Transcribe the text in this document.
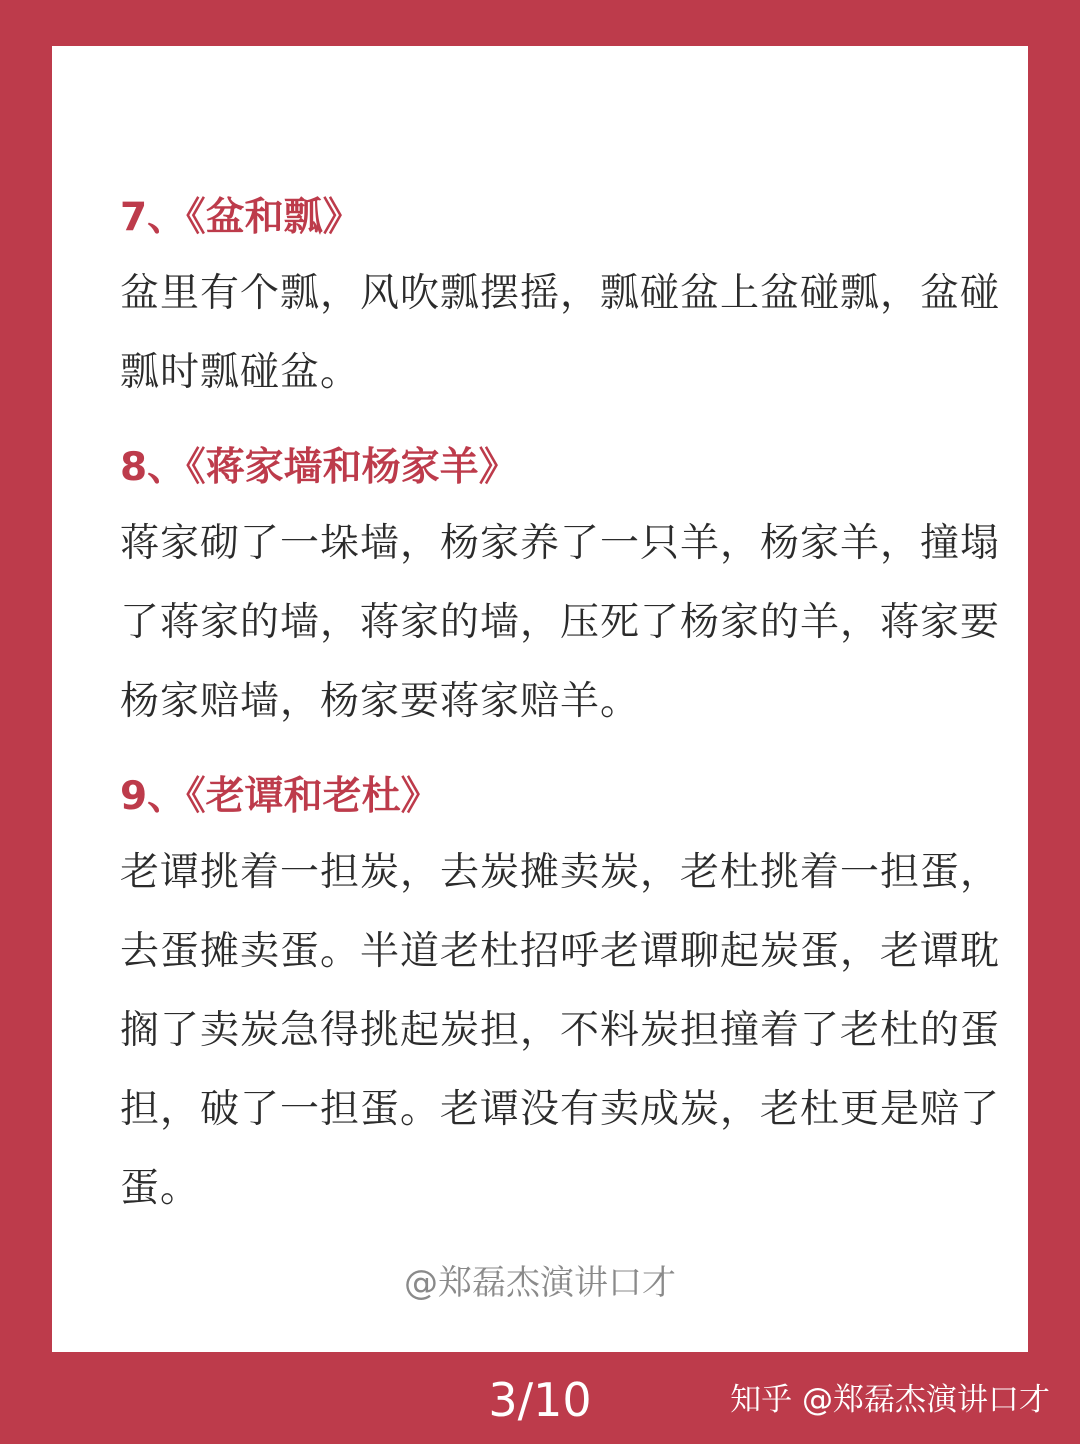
7、《盆和瓢》

盆里有个瓢，风吹瓢摆摇，瓢碰盆上盆碰瓢，盆碰瓢时瓢碰盆。

8、《蒋家墙和杨家羊》

蒋家砌了一垛墙，杨家养了一只羊，杨家羊，撞塌了蒋家的墙，蒋家的墙，压死了杨家的羊，蒋家要杨家赔墙，杨家要蒋家赔羊。

9、《老谭和老杜》

老谭挑着一担炭，去炭摊卖炭，老杜挑着一担蛋，去蛋摊卖蛋。半道老杜招呼老谭聊起炭蛋，老谭耽搁了卖炭急得挑起炭担，不料炭担撞着了老杜的蛋担，破了一担蛋。老谭没有卖成炭，老杜更是赔了蛋。

@郑磊杰演讲口才
3/10	知乎 @郑磊杰演讲口才
